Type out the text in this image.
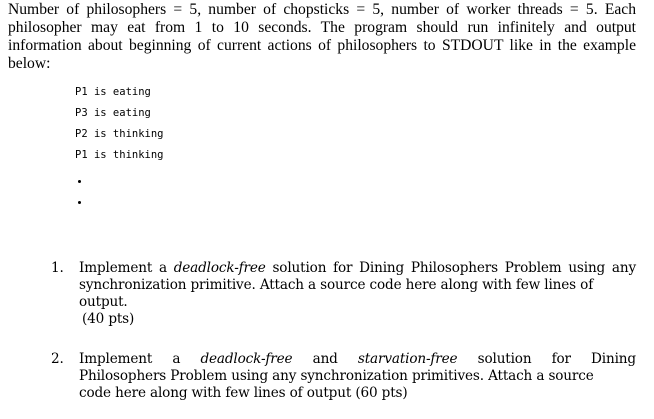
Number of philosophers = 5, number of chopsticks = 5, number of worker threads = 5. Each philosopher may eat from 1 to 10 seconds. The program should run infinitely and output information about beginning of current actions of philosophers to STDOUT like in the example below:

P1 is eating
P3 is eating
P2 is thinking
P1 is thinking
1. Implement a deadlock-free solution for Dining Philosophers Problem using any
synchronization primitive. Attach a source code here along with few lines of
output.
(40 pts)
2. Implement a deadlock-free and starvation-free solution for Dining
Philosophers Problem using any synchronization primitives. Attach a source
code here along with few lines of output (60 pts)
